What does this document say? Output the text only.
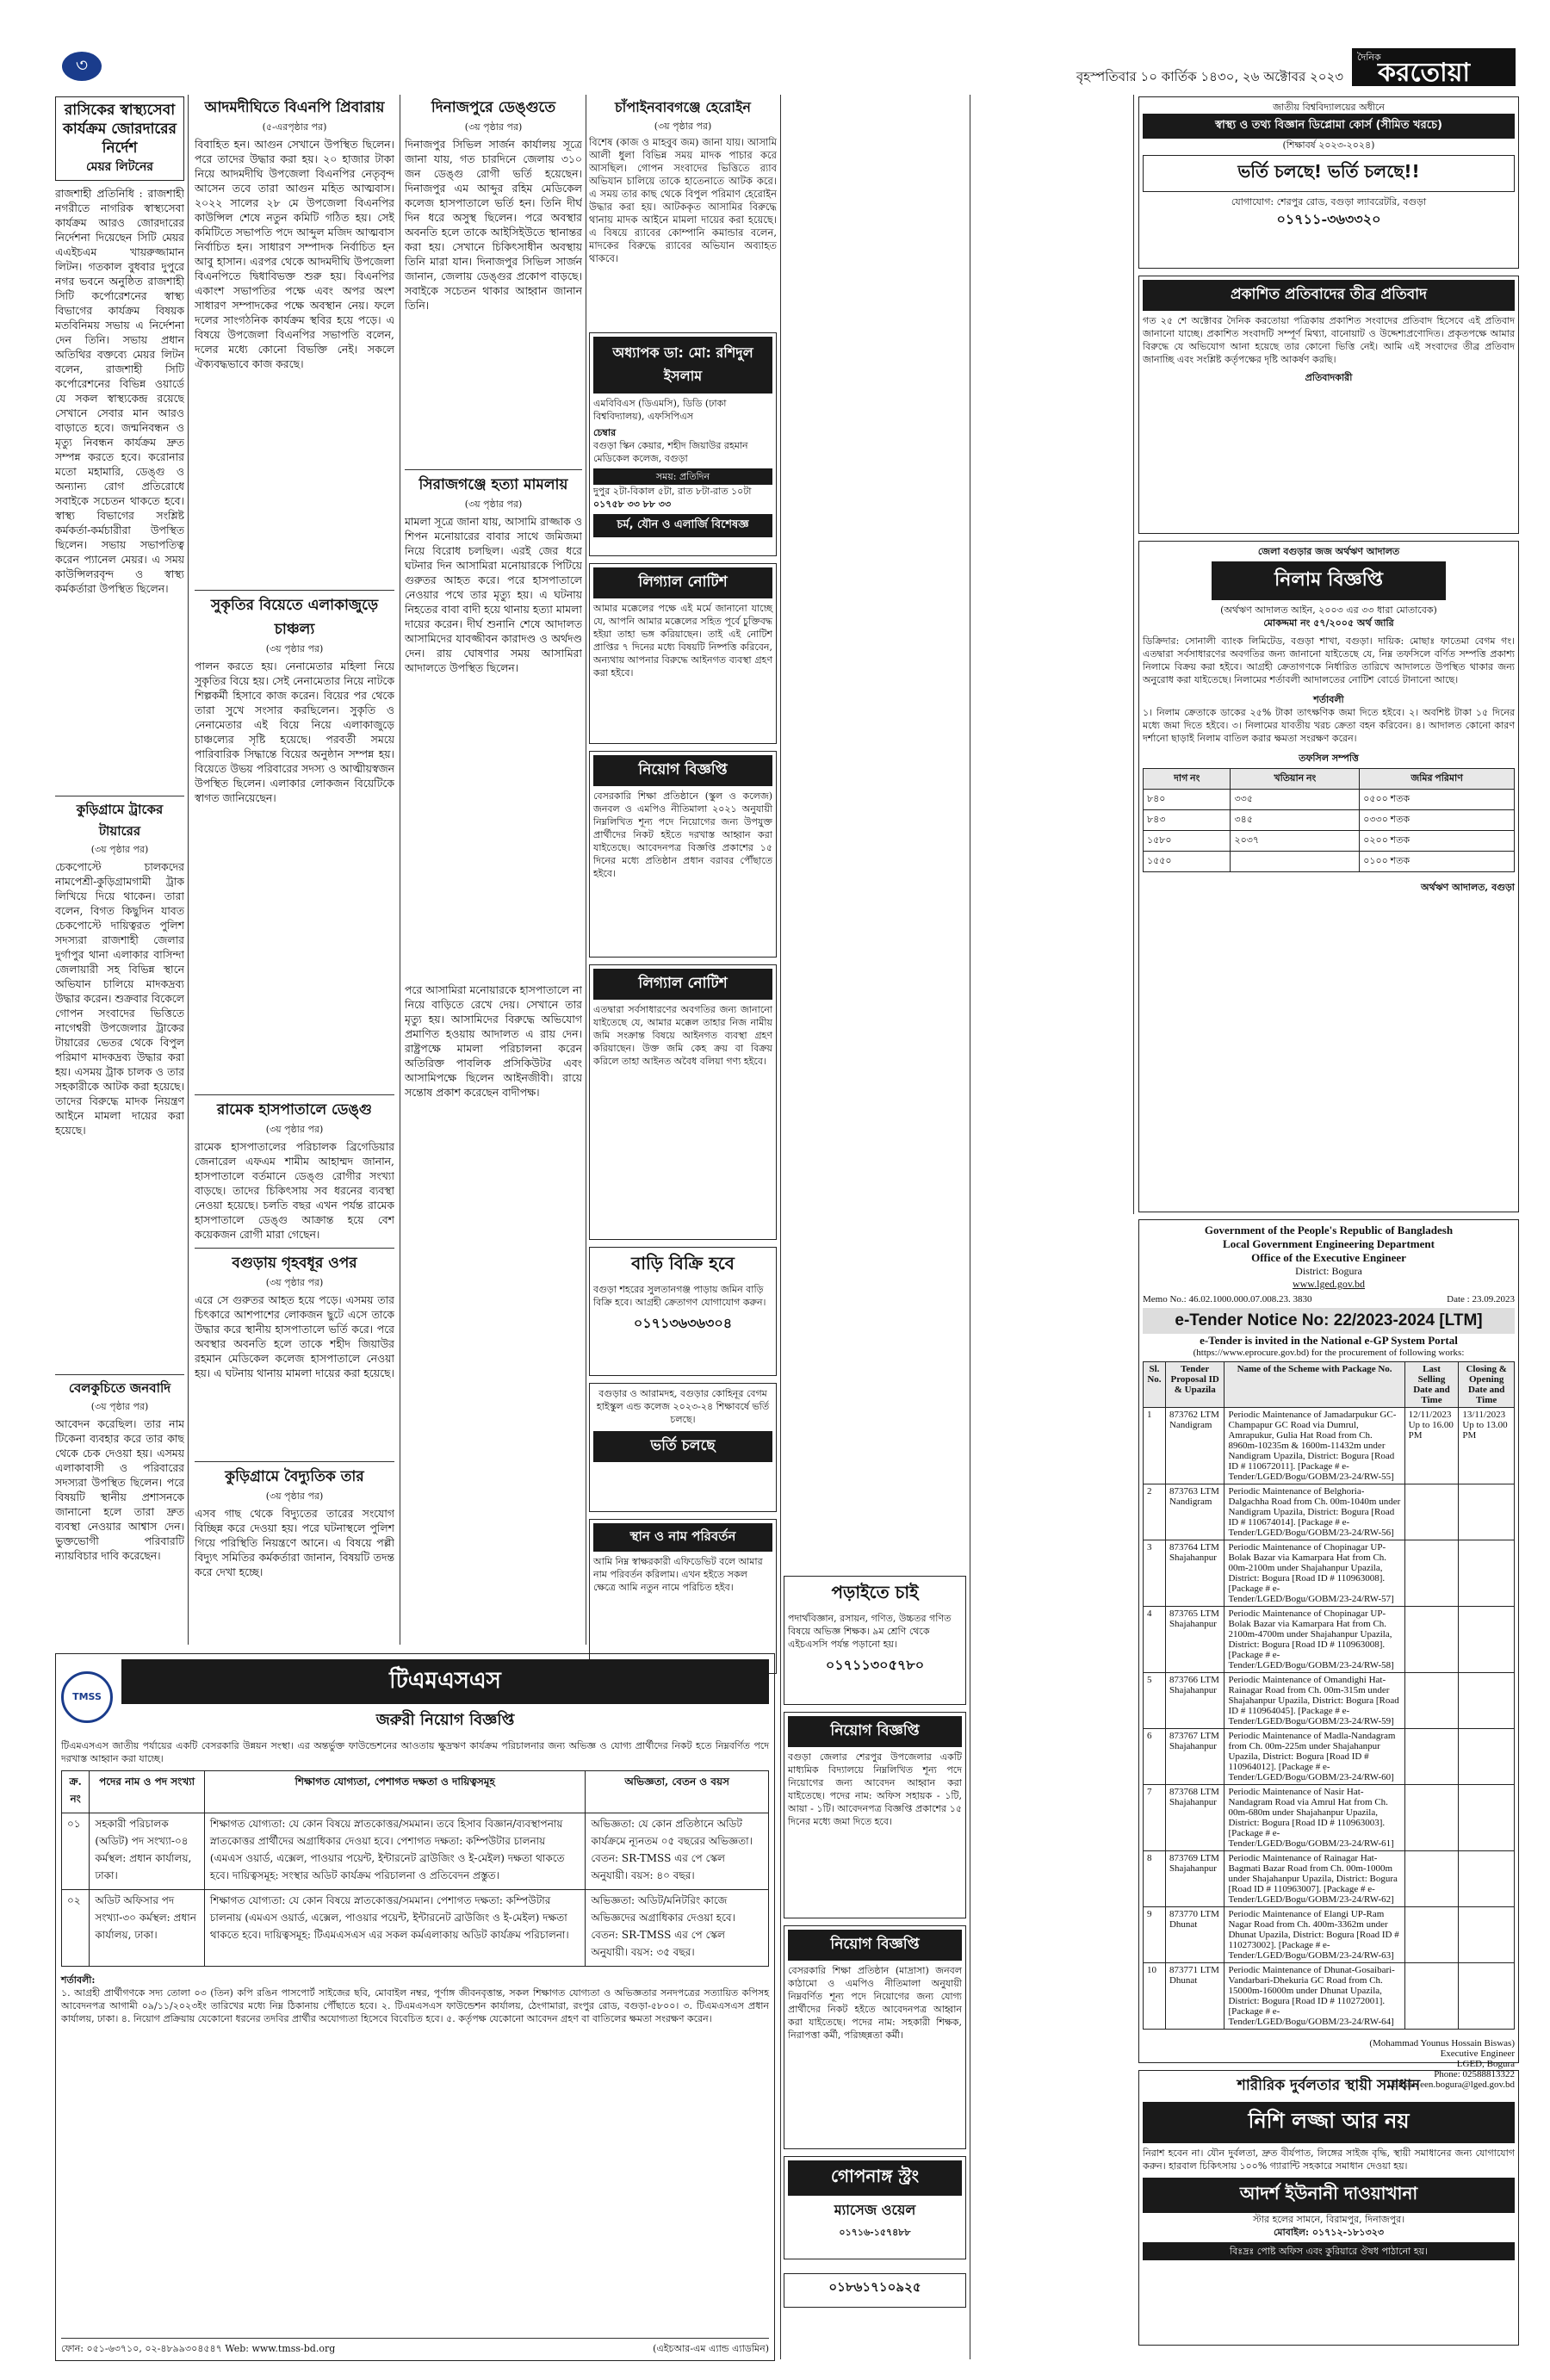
৩	বৃহস্পতিবার ১০ কার্তিক ১৪৩০, ২৬ অক্টোবর ২০২৩
দৈনিক
করতোয়া
রাসিকের স্বাস্থ্যসেবা কার্যক্রম জোরদারের নির্দেশ
মেয়র লিটনের
রাজশাহী প্রতিনিধি : রাজশাহী নগরীতে নাগরিক স্বাস্থ্যসেবা কার্যক্রম আরও জোরদারের নির্দেশনা দিয়েছেন সিটি মেয়র এএইচএম খায়রুজ্জামান লিটন। গতকাল বুধবার দুপুরে নগর ভবনে অনুষ্ঠিত রাজশাহী সিটি কর্পোরেশনের স্বাস্থ্য বিভাগের কার্যক্রম বিষয়ক মতবিনিময় সভায় এ নির্দেশনা দেন তিনি। সভায় প্রধান অতিথির বক্তব্যে মেয়র লিটন বলেন, রাজশাহী সিটি কর্পোরেশনের বিভিন্ন ওয়ার্ডে যে সকল স্বাস্থ্যকেন্দ্র রয়েছে সেখানে সেবার মান আরও বাড়াতে হবে। জন্মনিবন্ধন ও মৃত্যু নিবন্ধন কার্যক্রম দ্রুত সম্পন্ন করতে হবে। করোনার মতো মহামারি, ডেঙ্গু ও অন্যান্য রোগ প্রতিরোধে সবাইকে সচেতন থাকতে হবে। স্বাস্থ্য বিভাগের সংশ্লিষ্ট কর্মকর্তা-কর্মচারীরা উপস্থিত ছিলেন। সভায় সভাপতিত্ব করেন প্যানেল মেয়র। এ সময় কাউন্সিলরবৃন্দ ও স্বাস্থ্য কর্মকর্তারা উপস্থিত ছিলেন।
কুড়িগ্রামে ট্রাকের টায়ারের
(৩য় পৃষ্ঠার পর)
চেকপোস্টে চালকদের নামপেশ্রী-কুড়িগ্রামগামী ট্রাক লিখিয়ে দিয়ে থাকেন। তারা বলেন, বিগত কিছুদিন যাবত চেকপোস্টে দায়িত্বরত পুলিশ সদস্যরা রাজশাহী জেলার দুর্গাপুর থানা এলাকার বাসিন্দা জেলায়ারী সহ বিভিন্ন স্থানে অভিযান চালিয়ে মাদকদ্রব্য উদ্ধার করেন। শুক্রবার বিকেলে গোপন সংবাদের ভিত্তিতে নাগেশ্বরী উপজেলার ট্রাকের টায়ারের ভেতর থেকে বিপুল পরিমাণ মাদকদ্রব্য উদ্ধার করা হয়। এসময় ট্রাক চালক ও তার সহকারীকে আটক করা হয়েছে। তাদের বিরুদ্ধে মাদক নিয়ন্ত্রণ আইনে মামলা দায়ের করা হয়েছে।
বেলকুচিতে জনবাদি
(৩য় পৃষ্ঠার পর)
আবেদন করেছিল। তার নাম টিকেনা ব্যবহার করে তার কাছ থেকে চেক দেওয়া হয়। এসময় এলাকাবাসী ও পরিবারের সদস্যরা উপস্থিত ছিলেন। পরে বিষয়টি স্থানীয় প্রশাসনকে জানানো হলে তারা দ্রুত ব্যবস্থা নেওয়ার আশ্বাস দেন। ভুক্তভোগী পরিবারটি ন্যায়বিচার দাবি করেছেন।
আদমদীঘিতে বিএনপি প্রিবারায়
(৫-এরপৃষ্ঠার পর)
বিবাহিত হন। আগুন সেখানে উপস্থিত ছিলেন। পরে তাদের উদ্ধার করা হয়। ২০ হাজার টাকা নিয়ে আদমদীঘি উপজেলা বিএনপির নেতৃবৃন্দ আসেন তবে তারা আগুন মহিত আত্মবাস। ২০২২ সালের ২৮ মে উপজেলা বিএনপির কাউন্সিল শেষে নতুন কমিটি গঠিত হয়। সেই কমিটিতে সভাপতি পদে আব্দুল মজিদ আত্মবাস নির্বাচিত হন। সাধারণ সম্পাদক নির্বাচিত হন আবু হাসান। এরপর থেকে আদমদীঘি উপজেলা বিএনপিতে দ্বিধাবিভক্ত শুরু হয়। বিএনপির একাংশ সভাপতির পক্ষে এবং অপর অংশ সাধারণ সম্পাদকের পক্ষে অবস্থান নেয়। ফলে দলের সাংগঠনিক কার্যক্রম স্থবির হয়ে পড়ে। এ বিষয়ে উপজেলা বিএনপির সভাপতি বলেন, দলের মধ্যে কোনো বিভক্তি নেই। সকলে ঐক্যবদ্ধভাবে কাজ করছে।
সুকৃতির বিয়েতে এলাকাজুড়ে চাঞ্চল্য
(৩য় পৃষ্ঠার পর)
পালন করতে হয়। নেনামেতার মহিলা নিয়ে সুকৃতির বিয়ে হয়। সেই নেনামেতার নিয়ে নাটকে শিল্পকর্মী হিসাবে কাজ করেন। বিয়ের পর থেকে তারা সুখে সংসার করছিলেন। সুকৃতি ও নেনামেতার এই বিয়ে নিয়ে এলাকাজুড়ে চাঞ্চল্যের সৃষ্টি হয়েছে। পরবর্তী সময়ে পারিবারিক সিদ্ধান্তে বিয়ের অনুষ্ঠান সম্পন্ন হয়। বিয়েতে উভয় পরিবারের সদস্য ও আত্মীয়স্বজন উপস্থিত ছিলেন। এলাকার লোকজন বিয়েটিকে স্বাগত জানিয়েছেন।
রামেক হাসপাতালে ডেঙ্গু
(৩য় পৃষ্ঠার পর)
রামেক হাসপাতালের পরিচালক ব্রিগেডিয়ার জেনারেল এফএম শামীম আহাম্মদ জানান, হাসপাতালে বর্তমানে ডেঙ্গু রোগীর সংখ্যা বাড়ছে। তাদের চিকিৎসায় সব ধরনের ব্যবস্থা নেওয়া হয়েছে। চলতি বছর এখন পর্যন্ত রামেক হাসপাতালে ডেঙ্গু আক্রান্ত হয়ে বেশ কয়েকজন রোগী মারা গেছেন।
বগুড়ায় গৃহবধূর ওপর
(৩য় পৃষ্ঠার পর)
এরে সে গুরুতর আহত হয়ে পড়ে। এসময় তার চিৎকারে আশপাশের লোকজন ছুটে এসে তাকে উদ্ধার করে স্থানীয় হাসপাতালে ভর্তি করে। পরে অবস্থার অবনতি হলে তাকে শহীদ জিয়াউর রহমান মেডিকেল কলেজ হাসপাতালে নেওয়া হয়। এ ঘটনায় থানায় মামলা দায়ের করা হয়েছে।
কুড়িগ্রামে বৈদ্যুতিক তার
(৩য় পৃষ্ঠার পর)
এসব গাছ থেকে বিদ্যুতের তারের সংযোগ বিচ্ছিন্ন করে দেওয়া হয়। পরে ঘটনাস্থলে পুলিশ গিয়ে পরিস্থিতি নিয়ন্ত্রণে আনে। এ বিষয়ে পল্লী বিদ্যুৎ সমিতির কর্মকর্তারা জানান, বিষয়টি তদন্ত করে দেখা হচ্ছে।
দিনাজপুরে ডেঙ্গুতে
(৩য় পৃষ্ঠার পর)
দিনাজপুর সিভিল সার্জন কার্যালয় সূত্রে জানা যায়, গত চারদিনে জেলায় ৩১০ জন ডেঙ্গু রোগী ভর্তি হয়েছেন। দিনাজপুর এম আব্দুর রহিম মেডিকেল কলেজ হাসপাতালে ভর্তি হন। তিনি দীর্ঘ দিন ধরে অসুস্থ ছিলেন। পরে অবস্থার অবনতি হলে তাকে আইসিইউতে স্থানান্তর করা হয়। সেখানে চিকিৎসাধীন অবস্থায় তিনি মারা যান। দিনাজপুর সিভিল সার্জন জানান, জেলায় ডেঙ্গুর প্রকোপ বাড়ছে। সবাইকে সচেতন থাকার আহ্বান জানান তিনি।
সিরাজগঞ্জে হত্যা মামলায়
(৩য় পৃষ্ঠার পর)
মামলা সূত্রে জানা যায়, আসামি রাজ্জাক ও শিপন মনোয়ারের বাবার সাথে জমিজমা নিয়ে বিরোধ চলছিল। এরই জের ধরে ঘটনার দিন আসামিরা মনোয়ারকে পিটিয়ে গুরুতর আহত করে। পরে হাসপাতালে নেওয়ার পথে তার মৃত্যু হয়। এ ঘটনায় নিহতের বাবা বাদী হয়ে থানায় হত্যা মামলা দায়ের করেন। দীর্ঘ শুনানি শেষে আদালত আসামিদের যাবজ্জীবন কারাদণ্ড ও অর্থদণ্ড দেন। রায় ঘোষণার সময় আসামিরা আদালতে উপস্থিত ছিলেন।
পরে আসামিরা মনোয়ারকে হাসপাতালে না নিয়ে বাড়িতে রেখে দেয়। সেখানে তার মৃত্যু হয়। আসামিদের বিরুদ্ধে অভিযোগ প্রমাণিত হওয়ায় আদালত এ রায় দেন। রাষ্ট্রপক্ষে মামলা পরিচালনা করেন অতিরিক্ত পাবলিক প্রসিকিউটর এবং আসামিপক্ষে ছিলেন আইনজীবী। রায়ে সন্তোষ প্রকাশ করেছেন বাদীপক্ষ।
চাঁপাইনবাবগঞ্জে হেরোইন
(৩য় পৃষ্ঠার পর)
বিশেষ (কাজ ও মাহবুব জম) জানা যায়। আসামি আলী ধুলা বিভিন্ন সময় মাদক পাচার করে আসছিল। গোপন সংবাদের ভিত্তিতে র‍্যাব অভিযান চালিয়ে তাকে হাতেনাতে আটক করে। এ সময় তার কাছ থেকে বিপুল পরিমাণ হেরোইন উদ্ধার করা হয়। আটককৃত আসামির বিরুদ্ধে থানায় মাদক আইনে মামলা দায়ের করা হয়েছে। এ বিষয়ে র‍্যাবের কোম্পানি কমান্ডার বলেন, মাদকের বিরুদ্ধে র‍্যাবের অভিযান অব্যাহত থাকবে।
অধ্যাপক ডা: মো: রশিদুল ইসলাম
এমবিবিএস (ডিএমসি), ডিডি (ঢাকা বিশ্ববিদ্যালয়), এফসিপিএস
চেম্বার
বগুড়া স্কিন কেয়ার, শহীদ জিয়াউর রহমান মেডিকেল কলেজ, বগুড়া
সময়: প্রতিদিন
দুপুর ২টা-বিকাল ৫টা, রাত ৮টা-রাত ১০টা
০১৭৫৮ ৩৩ ৮৮ ৩৩
চর্ম, যৌন ও এলার্জি বিশেষজ্ঞ
লিগ্যাল নোটিশ
আমার মক্কেলের পক্ষে এই মর্মে জানানো যাচ্ছে যে, আপনি আমার মক্কেলের সহিত পূর্বে চুক্তিবদ্ধ হইয়া তাহা ভঙ্গ করিয়াছেন। তাই এই নোটিশ প্রাপ্তির ৭ দিনের মধ্যে বিষয়টি নিষ্পত্তি করিবেন, অন্যথায় আপনার বিরুদ্ধে আইনগত ব্যবস্থা গ্রহণ করা হইবে।
নিয়োগ বিজ্ঞপ্তি
বেসরকারি শিক্ষা প্রতিষ্ঠানে (স্কুল ও কলেজ) জনবল ও এমপিও নীতিমালা ২০২১ অনুযায়ী নিম্নলিখিত শূন্য পদে নিয়োগের জন্য উপযুক্ত প্রার্থীদের নিকট হইতে দরখাস্ত আহ্বান করা যাইতেছে। আবেদনপত্র বিজ্ঞপ্তি প্রকাশের ১৫ দিনের মধ্যে প্রতিষ্ঠান প্রধান বরাবর পৌঁছাতে হইবে।
লিগ্যাল নোটিশ
এতদ্বারা সর্বসাধারণের অবগতির জন্য জানানো যাইতেছে যে, আমার মক্কেল তাহার নিজ নামীয় জমি সংক্রান্ত বিষয়ে আইনগত ব্যবস্থা গ্রহণ করিয়াছেন। উক্ত জমি কেহ ক্রয় বা বিক্রয় করিলে তাহা আইনত অবৈধ বলিয়া গণ্য হইবে।
বাড়ি বিক্রি হবে
বগুড়া শহরের সুলতানগঞ্জ পাড়ায় জমিন বাড়ি বিক্রি হবে। আগ্রহী ক্রেতাগণ যোগাযোগ করুন।
০১৭১৩৬৩৬৩০৪
বগুড়ার ও আরামদহ, বগুড়ার কোহিনূর বেগম হাইস্কুল এন্ড কলেজ ২০২৩-২৪ শিক্ষাবর্ষে ভর্তি চলছে।
ভর্তি চলছে
স্থান ও নাম পরিবর্তন
আমি নিম্ন স্বাক্ষরকারী এফিডেভিট বলে আমার নাম পরিবর্তন করিলাম। এখন হইতে সকল ক্ষেত্রে আমি নতুন নামে পরিচিত হইব।	পড়াইতে চাই
পদার্থবিজ্ঞান, রসায়ন, গণিত, উচ্চতর গণিত বিষয়ে অভিজ্ঞ শিক্ষক। ৯ম শ্রেণি থেকে এইচএসসি পর্যন্ত পড়ানো হয়।
০১৭১১৩০৫৭৮০
নিয়োগ বিজ্ঞপ্তি
বগুড়া জেলার শেরপুর উপজেলার একটি মাধ্যমিক বিদ্যালয়ে নিম্নলিখিত শূন্য পদে নিয়োগের জন্য আবেদন আহ্বান করা যাইতেছে। পদের নাম: অফিস সহায়ক - ১টি, আয়া - ১টি। আবেদনপত্র বিজ্ঞপ্তি প্রকাশের ১৫ দিনের মধ্যে জমা দিতে হবে।
নিয়োগ বিজ্ঞপ্তি
বেসরকারি শিক্ষা প্রতিষ্ঠান (মাদ্রাসা) জনবল কাঠামো ও এমপিও নীতিমালা অনুযায়ী নিম্নবর্ণিত শূন্য পদে নিয়োগের জন্য যোগ্য প্রার্থীদের নিকট হইতে আবেদনপত্র আহ্বান করা যাইতেছে। পদের নাম: সহকারী শিক্ষক, নিরাপত্তা কর্মী, পরিচ্ছন্নতা কর্মী।
গোপনাঙ্গ স্ট্রং
ম্যাসেজ ওয়েল
০১৭১৬-১৫৭৪৮৮
০১৮৬১৭১০৯২৫
জাতীয় বিশ্ববিদ্যালয়ের অধীনে
স্বাস্থ্য ও তথ্য বিজ্ঞান ডিপ্লোমা কোর্স (সীমিত খরচে)
(শিক্ষাবর্ষ ২০২৩-২০২৪)
ভর্তি চলছে! ভর্তি চলছে!!
যোগাযোগ: শেরপুর রোড, বগুড়া ল্যাবরেটরি, বগুড়া
০১৭১১-৩৬৩৩২০
প্রকাশিত প্রতিবাদের তীব্র প্রতিবাদ
গত ২৫ শে অক্টোবর দৈনিক করতোয়া পত্রিকায় প্রকাশিত সংবাদের প্রতিবাদ হিসেবে এই প্রতিবাদ জানানো যাচ্ছে। প্রকাশিত সংবাদটি সম্পূর্ণ মিথ্যা, বানোয়াট ও উদ্দেশ্যপ্রণোদিত। প্রকৃতপক্ষে আমার বিরুদ্ধে যে অভিযোগ আনা হয়েছে তার কোনো ভিত্তি নেই। আমি এই সংবাদের তীব্র প্রতিবাদ জানাচ্ছি এবং সংশ্লিষ্ট কর্তৃপক্ষের দৃষ্টি আকর্ষণ করছি।
প্রতিবাদকারী
জেলা বগুড়ার জজ অর্থঋণ আদালত
নিলাম বিজ্ঞপ্তি
(অর্থঋণ আদালত আইন, ২০০৩ এর ৩৩ ধারা মোতাবেক)
মোকদ্দমা নং ৫৭/২০০৫ অর্থ জারি
ডিক্রিদার: সোনালী ব্যাংক লিমিটেড, বগুড়া শাখা, বগুড়া। দায়িক: মোছাঃ ফাতেমা বেগম গং। এতদ্বারা সর্বসাধারণের অবগতির জন্য জানানো যাইতেছে যে, নিম্ন তফসিলে বর্ণিত সম্পত্তি প্রকাশ্য নিলামে বিক্রয় করা হইবে। আগ্রহী ক্রেতাগণকে নির্ধারিত তারিখে আদালতে উপস্থিত থাকার জন্য অনুরোধ করা যাইতেছে। নিলামের শর্তাবলী আদালতের নোটিশ বোর্ডে টানানো আছে।
শর্তাবলী
১। নিলাম ক্রেতাকে ডাকের ২৫% টাকা তাৎক্ষণিক জমা দিতে হইবে। ২। অবশিষ্ট টাকা ১৫ দিনের মধ্যে জমা দিতে হইবে। ৩। নিলামের যাবতীয় খরচ ক্রেতা বহন করিবেন। ৪। আদালত কোনো কারণ দর্শানো ছাড়াই নিলাম বাতিল করার ক্ষমতা সংরক্ষণ করেন।
তফসিল সম্পত্তি
দাগ নং	খতিয়ান নং	জমির পরিমাণ
৮৪০	৩৩৫	০৫০০ শতক
৮৪৩	৩৪৫	০৩৩০ শতক
১৫৮০	২০৩৭	০২০০ শতক
১৫৫০		০১০০ শতক
অর্থঋণ আদালত, বগুড়া
Government of the People's Republic of Bangladesh
Local Government Engineering Department
Office of the Executive Engineer
District: Bogura
www.lged.gov.bd
Memo No.: 46.02.1000.000.07.008.23. 3830	Date : 23.09.2023
e-Tender Notice No: 22/2023-2024 [LTM]
e-Tender is invited in the National e-GP System Portal
(https://www.eprocure.gov.bd) for the procurement of following works:
Sl. No.	Tender Proposal ID & Upazila	Name of the Scheme with Package No.	Last Selling Date and Time	Closing & Opening Date and Time
1	873762 LTM Nandigram	Periodic Maintenance of Jamadarpukur GC-Champapur GC Road via Dumrul, Amrapukur, Gulia Hat Road from Ch. 8960m-10235m & 1600m-11432m under Nandigram Upazila, District: Bogura [Road ID # 110672011]. [Package # e-Tender/LGED/Bogu/GOBM/23-24/RW-55]	12/11/2023 Up to 16.00 PM	13/11/2023 Up to 13.00 PM
2	873763 LTM Nandigram	Periodic Maintenance of Belghoria-Dalgachha Road from Ch. 00m-1040m under Nandigram Upazila, District: Bogura [Road ID # 110674014]. [Package # e-Tender/LGED/Bogu/GOBM/23-24/RW-56]		
3	873764 LTM Shajahanpur	Periodic Maintenance of Chopinagar UP-Bolak Bazar via Kamarpara Hat from Ch. 00m-2100m under Shajahanpur Upazila, District: Bogura [Road ID # 110963008]. [Package # e-Tender/LGED/Bogu/GOBM/23-24/RW-57]		
4	873765 LTM Shajahanpur	Periodic Maintenance of Chopinagar UP-Bolak Bazar via Kamarpara Hat from Ch. 2100m-4700m under Shajahanpur Upazila, District: Bogura [Road ID # 110963008]. [Package # e-Tender/LGED/Bogu/GOBM/23-24/RW-58]		
5	873766 LTM Shajahanpur	Periodic Maintenance of Omandighi Hat-Rainagar Road from Ch. 00m-315m under Shajahanpur Upazila, District: Bogura [Road ID # 110964045]. [Package # e-Tender/LGED/Bogu/GOBM/23-24/RW-59]		
6	873767 LTM Shajahanpur	Periodic Maintenance of Madla-Nandagram from Ch. 00m-225m under Shajahanpur Upazila, District: Bogura [Road ID # 110964012]. [Package # e-Tender/LGED/Bogu/GOBM/23-24/RW-60]		
7	873768 LTM Shajahanpur	Periodic Maintenance of Nasir Hat-Nandagram Road via Amrul Hat from Ch. 00m-680m under Shajahanpur Upazila, District: Bogura [Road ID # 110963003]. [Package # e-Tender/LGED/Bogu/GOBM/23-24/RW-61]		
8	873769 LTM Shajahanpur	Periodic Maintenance of Rainagar Hat-Bagmati Bazar Road from Ch. 00m-1000m under Shajahanpur Upazila, District: Bogura [Road ID # 110963007]. [Package # e-Tender/LGED/Bogu/GOBM/23-24/RW-62]		
9	873770 LTM Dhunat	Periodic Maintenance of Elangi UP-Ram Nagar Road from Ch. 400m-3362m under Dhunat Upazila, District: Bogura [Road ID # 110273002]. [Package # e-Tender/LGED/Bogu/GOBM/23-24/RW-63]		
10	873771 LTM Dhunat	Periodic Maintenance of Dhunat-Gosaibari-Vandarbari-Dhekuria GC Road from Ch. 15000m-16000m under Dhunat Upazila, District: Bogura [Road ID # 110272001]. [Package # e-Tender/LGED/Bogu/GOBM/23-24/RW-64]		
(Mohammad Younus Hossain Biswas)
Executive Engineer
LGED, Bogura
Phone: 02588813322
Email: een.bogura@lged.gov.bd
শারীরিক দুর্বলতার স্থায়ী সমাধান
নিশি লজ্জা আর নয়
নিরাশ হবেন না। যৌন দুর্বলতা, দ্রুত বীর্যপাত, লিঙ্গের সাইজ বৃদ্ধি, স্থায়ী সমাধানের জন্য যোগাযোগ করুন। হারবাল চিকিৎসায় ১০০% গ্যারান্টি সহকারে সমাধান দেওয়া হয়।
আদর্শ ইউনানী দাওয়াখানা
স্টার হলের সামনে, বিরামপুর, দিনাজপুর।
মোবাইল: ০১৭১২-১৮১৩২৩
বিঃদ্রঃ পোষ্ট অফিস এবং কুরিয়ারে ঔষধ পাঠানো হয়।
TMSS
টিএমএসএস
জরুরী নিয়োগ বিজ্ঞপ্তি
টিএমএসএস জাতীয় পর্যায়ের একটি বেসরকারি উন্নয়ন সংস্থা। এর অন্তর্ভুক্ত ফাউন্ডেশনের আওতায় ক্ষুদ্রঋণ কার্যক্রম পরিচালনার জন্য অভিজ্ঞ ও যোগ্য প্রার্থীদের নিকট হতে নিম্নবর্ণিত পদে দরখাস্ত আহ্বান করা যাচ্ছে।
ক্র. নং	পদের নাম ও পদ সংখ্যা	শিক্ষাগত যোগ্যতা, পেশাগত দক্ষতা ও দায়িত্বসমূহ	অভিজ্ঞতা, বেতন ও বয়স
০১	সহকারী পরিচালক (অডিট) পদ সংখ্যা-০৪ কর্মস্থল: প্রধান কার্যালয়, ঢাকা।	শিক্ষাগত যোগ্যতা: যে কোন বিষয়ে স্নাতকোত্তর/সমমান। তবে হিসাব বিজ্ঞান/ব্যবস্থাপনায় স্নাতকোত্তর প্রার্থীদের অগ্রাধিকার দেওয়া হবে। পেশাগত দক্ষতা: কম্পিউটার চালনায় (এমএস ওয়ার্ড, এক্সেল, পাওয়ার পয়েন্ট, ইন্টারনেট ব্রাউজিং ও ই-মেইল) দক্ষতা থাকতে হবে। দায়িত্বসমূহ: সংস্থার অডিট কার্যক্রম পরিচালনা ও প্রতিবেদন প্রস্তুত।	অভিজ্ঞতা: যে কোন প্রতিষ্ঠানে অডিট কার্যক্রমে ন্যূনতম ০৫ বছরের অভিজ্ঞতা। বেতন: SR-TMSS এর পে স্কেল অনুযায়ী। বয়স: ৪০ বছর।
০২	অডিট অফিসার পদ সংখ্যা-৩০ কর্মস্থল: প্রধান কার্যালয়, ঢাকা।	শিক্ষাগত যোগ্যতা: যে কোন বিষয়ে স্নাতকোত্তর/সমমান। পেশাগত দক্ষতা: কম্পিউটার চালনায় (এমএস ওয়ার্ড, এক্সেল, পাওয়ার পয়েন্ট, ইন্টারনেট ব্রাউজিং ও ই-মেইল) দক্ষতা থাকতে হবে। দায়িত্বসমূহ: টিএমএসএস এর সকল কর্মএলাকায় অডিট কার্যক্রম পরিচালনা।	অভিজ্ঞতা: অডিট/মনিটরিং কাজে অভিজ্ঞদের অগ্রাধিকার দেওয়া হবে। বেতন: SR-TMSS এর পে স্কেল অনুযায়ী। বয়স: ৩৫ বছর।
শর্তাবলী:
১. আগ্রহী প্রার্থীগণকে সদ্য তোলা ০৩ (তিন) কপি রঙিন পাসপোর্ট সাইজের ছবি, মোবাইল নম্বর, পূর্ণাঙ্গ জীবনবৃত্তান্ত, সকল শিক্ষাগত যোগ্যতা ও অভিজ্ঞতার সনদপত্রের সত্যায়িত কপিসহ আবেদনপত্র আগামী ০৯/১১/২০২৩ইং তারিখের মধ্যে নিম্ন ঠিকানায় পৌঁছাতে হবে। ২. টিএমএসএস ফাউন্ডেশন কার্যালয়, ঠেংগামারা, রংপুর রোড, বগুড়া-৫৮০০। ৩. টিএমএসএস প্রধান কার্যালয়, ঢাকা। ৪. নিয়োগ প্রক্রিয়ায় যেকোনো ধরনের তদবির প্রার্থীর অযোগ্যতা হিসেবে বিবেচিত হবে। ৫. কর্তৃপক্ষ যেকোনো আবেদন গ্রহণ বা বাতিলের ক্ষমতা সংরক্ষণ করেন।
ফোন: ০৫১-৬৩৭১০, ০২-৪৮৯৯৩০৪৫৪৭ Web: www.tmss-bd.org	(এইচআর-এম এ্যান্ড এ্যাডমিন)
